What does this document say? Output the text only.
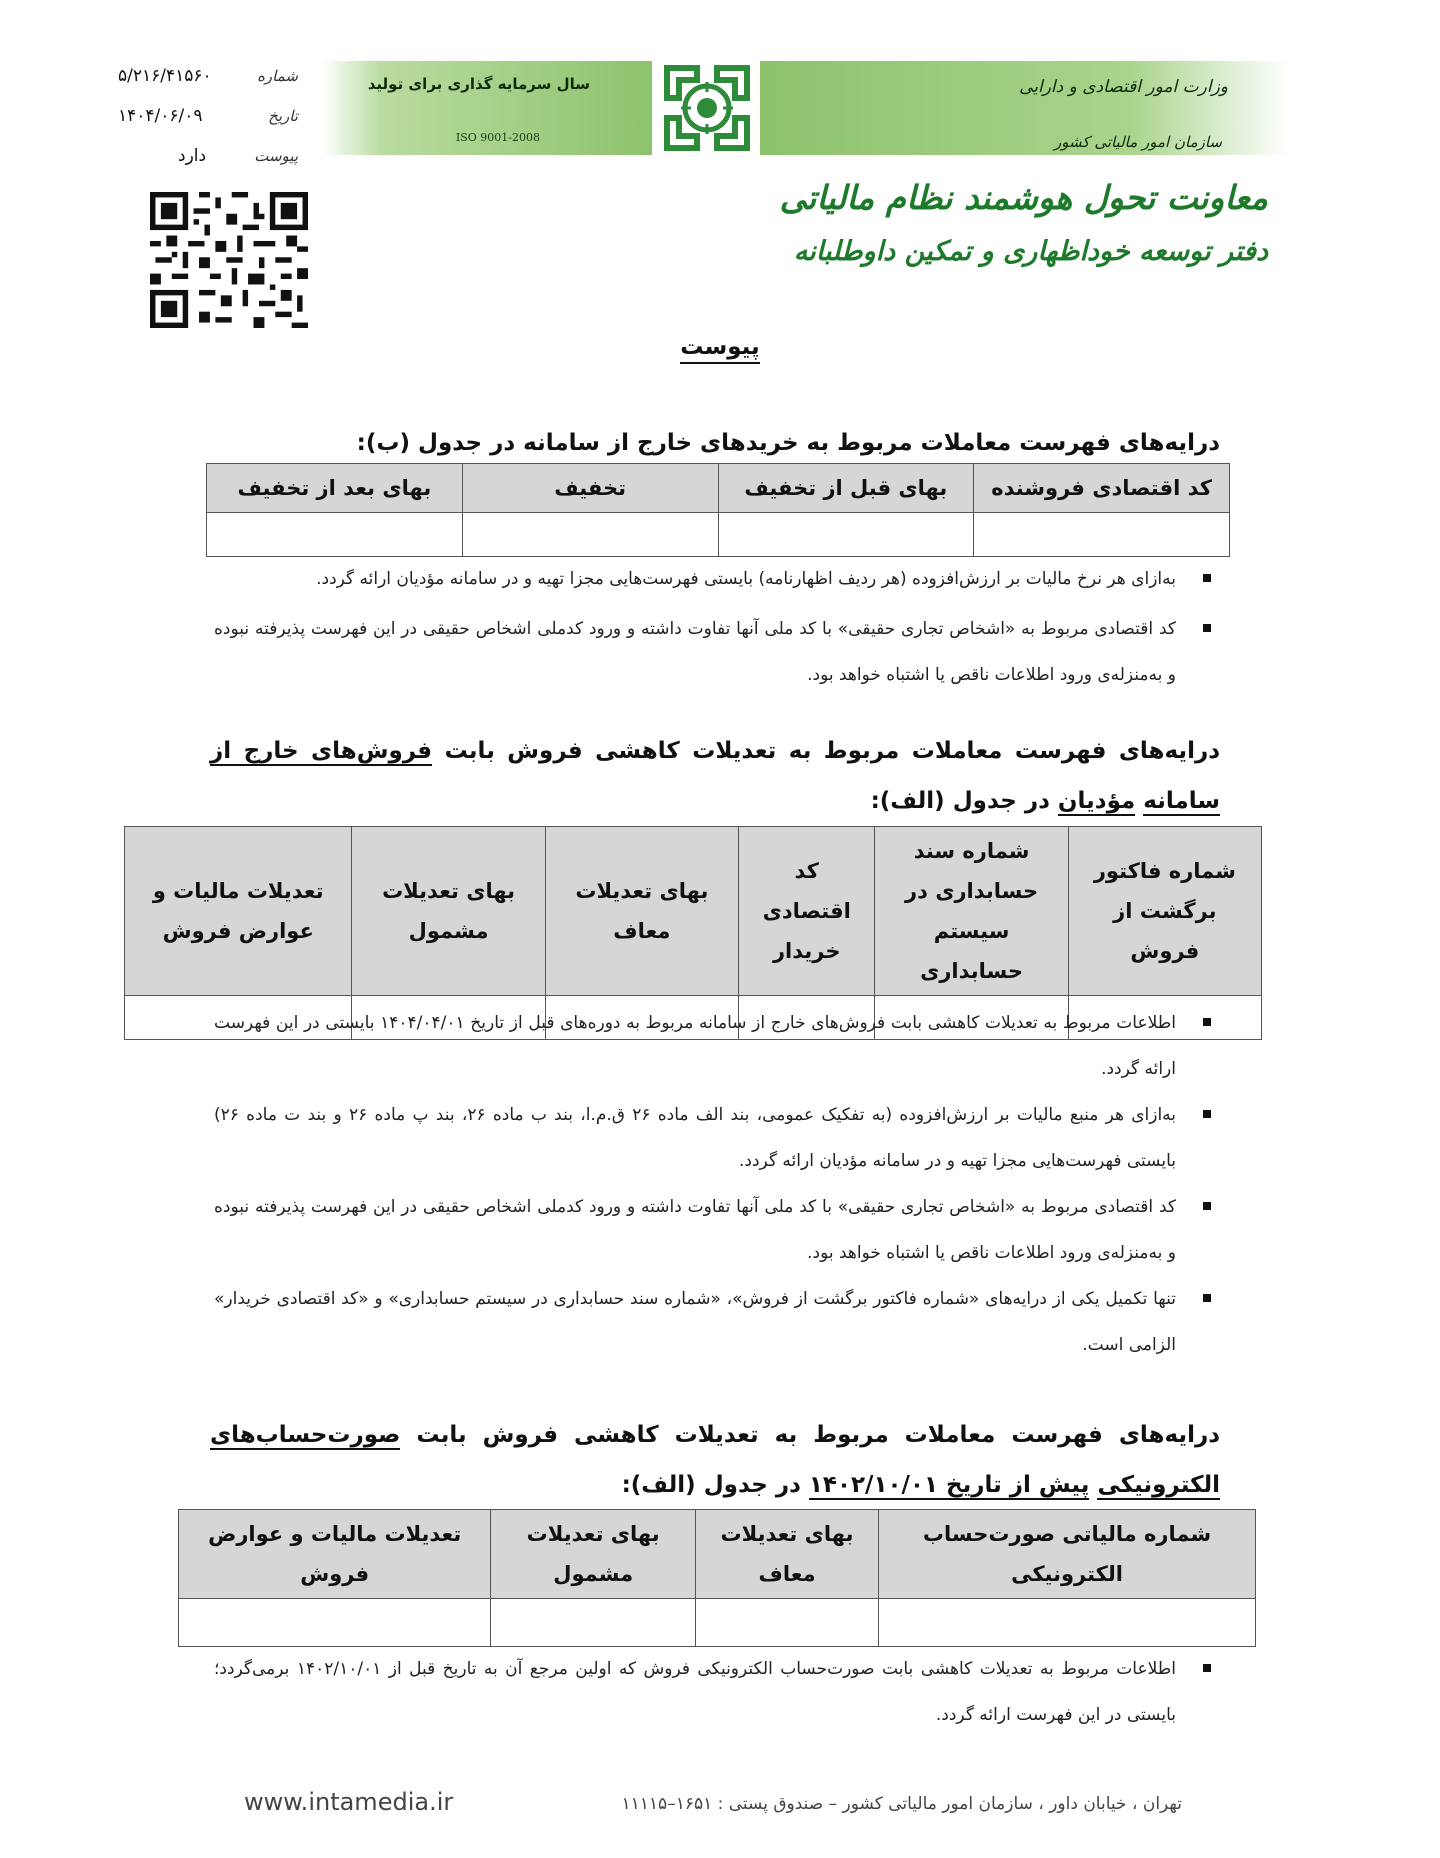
شماره
۵/۲۱۶/۴۱۵۶۰
تاریخ
۱۴۰۴/۰۶/۰۹
پیوست
دارد
سال سرمایه گذاری برای تولید
ISO 9001-2008
وزارت امور اقتصادی و دارایی
سازمان امور مالیاتی کشور
معاونت تحول هوشمند نظام مالیاتی
دفتر توسعه خوداظهاری و تمکین داوطلبانه
پیوست
درایه‌های فهرست معاملات مربوط به خریدهای خارج از سامانه در جدول (ب):
کد اقتصادی فروشنده	بهای قبل از تخفیف	تخفیف	بهای بعد از تخفیف

به‌ازای هر نرخ مالیات بر ارزش‌افزوده (هر ردیف اظهارنامه) بایستی فهرست‌هایی مجزا تهیه و در سامانه مؤدیان ارائه گردد.
کد اقتصادی مربوط به «اشخاص تجاری حقیقی» با کد ملی آنها تفاوت داشته و ورود کدملی اشخاص حقیقی در این فهرست پذیرفته نبوده و به‌منزله‌ی ورود اطلاعات ناقص یا اشتباه خواهد بود.
درایه‌های فهرست معاملات مربوط به تعدیلات کاهشی فروش بابت فروش‌های خارج از سامانه مؤدیان در جدول (الف):
شماره فاکتور برگشت از فروش	شماره سند حسابداری در سیستم حسابداری	کد اقتصادی خریدار	بهای تعدیلات معاف	بهای تعدیلات مشمول	تعدیلات مالیات و عوارض فروش

اطلاعات مربوط به تعدیلات کاهشی بابت فروش‌های خارج از سامانه مربوط به دوره‌های قبل از تاریخ ۱۴۰۴/۰۴/۰۱ بایستی در این فهرست ارائه گردد.
به‌ازای هر منبع مالیات بر ارزش‌افزوده (به تفکیک عمومی، بند الف ماده ۲۶ ق.م.ا، بند ب ماده ۲۶، بند پ ماده ۲۶ و بند ت ماده ۲۶) بایستی فهرست‌هایی مجزا تهیه و در سامانه مؤدیان ارائه گردد.
کد اقتصادی مربوط به «اشخاص تجاری حقیقی» با کد ملی آنها تفاوت داشته و ورود کدملی اشخاص حقیقی در این فهرست پذیرفته نبوده و به‌منزله‌ی ورود اطلاعات ناقص یا اشتباه خواهد بود.
تنها تکمیل یکی از درایه‌های «شماره فاکتور برگشت از فروش»، «شماره سند حسابداری در سیستم حسابداری» و «کد اقتصادی خریدار» الزامی است.
درایه‌های فهرست معاملات مربوط به تعدیلات کاهشی فروش بابت صورت‌حساب‌های الکترونیکی پیش از تاریخ ۱۴۰۲/۱۰/۰۱ در جدول (الف):
شماره مالیاتی صورت‌حساب الکترونیکی	بهای تعدیلات معاف	بهای تعدیلات مشمول	تعدیلات مالیات و عوارض فروش

اطلاعات مربوط به تعدیلات کاهشی بابت صورت‌حساب الکترونیکی فروش که اولین مرجع آن به تاریخ قبل از ۱۴۰۲/۱۰/۰۱ برمی‌گردد؛ بایستی در این فهرست ارائه گردد.
www.intamedia.ir	تهران ، خیابان داور ، سازمان امور مالیاتی کشور – صندوق پستی : ۱۶۵۱–۱۱۱۱۵
